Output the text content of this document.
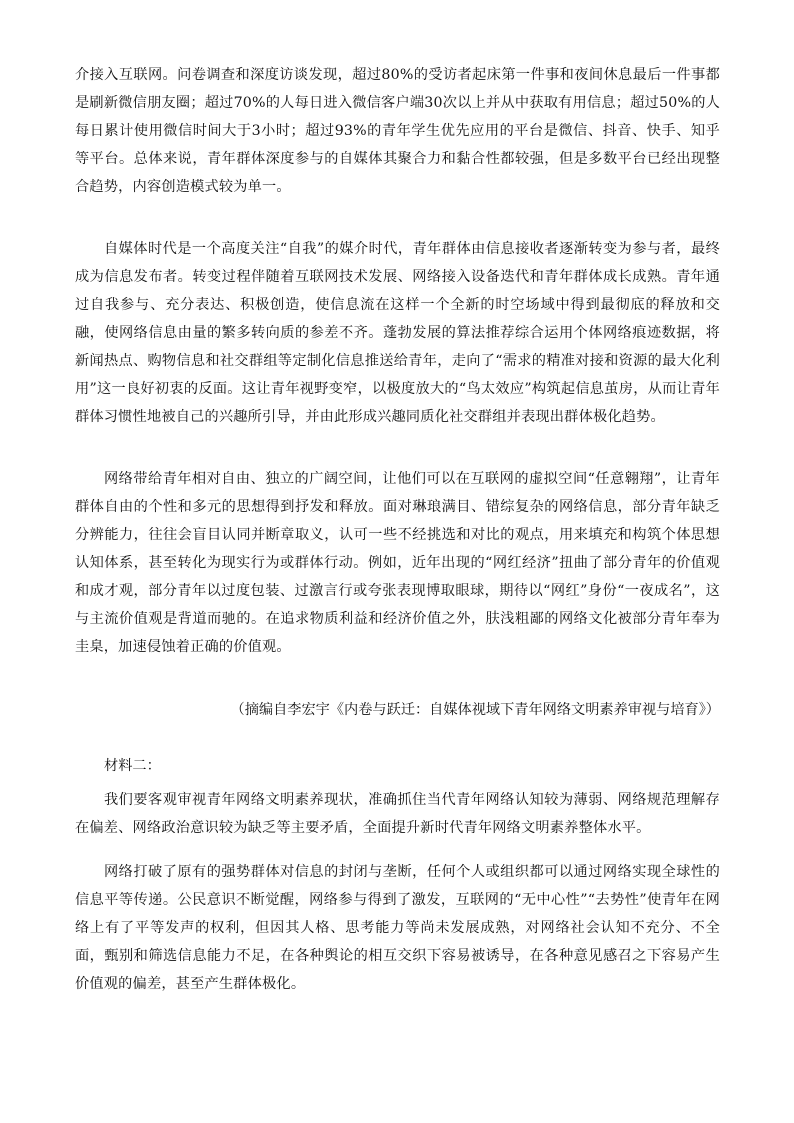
介接入互联网。问卷调查和深度访谈发现，超过80%的受访者起床第一件事和夜间休息最后一件事都是刷新微信朋友圈；超过70%的人每日进入微信客户端30次以上并从中获取有用信息；超过50%的人每日累计使用微信时间大于3小时；超过93%的青年学生优先应用的平台是微信、抖音、快手、知乎等平台。总体来说，青年群体深度参与的自媒体其聚合力和黏合性都较强，但是多数平台已经出现整合趋势，内容创造模式较为单一。

自媒体时代是一个高度关注“自我”的媒介时代，青年群体由信息接收者逐渐转变为参与者，最终成为信息发布者。转变过程伴随着互联网技术发展、网络接入设备迭代和青年群体成长成熟。青年通过自我参与、充分表达、积极创造，使信息流在这样一个全新的时空场域中得到最彻底的释放和交融，使网络信息由量的繁多转向质的参差不齐。蓬勃发展的算法推荐综合运用个体网络痕迹数据，将新闻热点、购物信息和社交群组等定制化信息推送给青年，走向了“需求的精准对接和资源的最大化利用”这一良好初衷的反面。这让青年视野变窄，以极度放大的“鸟太效应”构筑起信息茧房，从而让青年群体习惯性地被自己的兴趣所引导，并由此形成兴趣同质化社交群组并表现出群体极化趋势。

网络带给青年相对自由、独立的广阔空间，让他们可以在互联网的虚拟空间“任意翱翔”，让青年群体自由的个性和多元的思想得到抒发和释放。面对琳琅满目、错综复杂的网络信息，部分青年缺乏分辨能力，往往会盲目认同并断章取义，认可一些不经挑选和对比的观点，用来填充和构筑个体思想认知体系，甚至转化为现实行为或群体行动。例如，近年出现的“网红经济”扭曲了部分青年的价值观和成才观，部分青年以过度包装、过激言行或夸张表现博取眼球，期待以“网红”身份“一夜成名”，这与主流价值观是背道而驰的。在追求物质利益和经济价值之外，肤浅粗鄙的网络文化被部分青年奉为圭臬，加速侵蚀着正确的价值观。

（摘编自李宏宇《内卷与跃迁：自媒体视域下青年网络文明素养审视与培育》）

材料二：

我们要客观审视青年网络文明素养现状，准确抓住当代青年网络认知较为薄弱、网络规范理解存在偏差、网络政治意识较为缺乏等主要矛盾，全面提升新时代青年网络文明素养整体水平。

网络打破了原有的强势群体对信息的封闭与垄断，任何个人或组织都可以通过网络实现全球性的信息平等传递。公民意识不断觉醒，网络参与得到了激发，互联网的“无中心性”“去势性”使青年在网络上有了平等发声的权利，但因其人格、思考能力等尚未发展成熟，对网络社会认知不充分、不全面，甄别和筛选信息能力不足，在各种舆论的相互交织下容易被诱导，在各种意见感召之下容易产生价值观的偏差，甚至产生群体极化。
